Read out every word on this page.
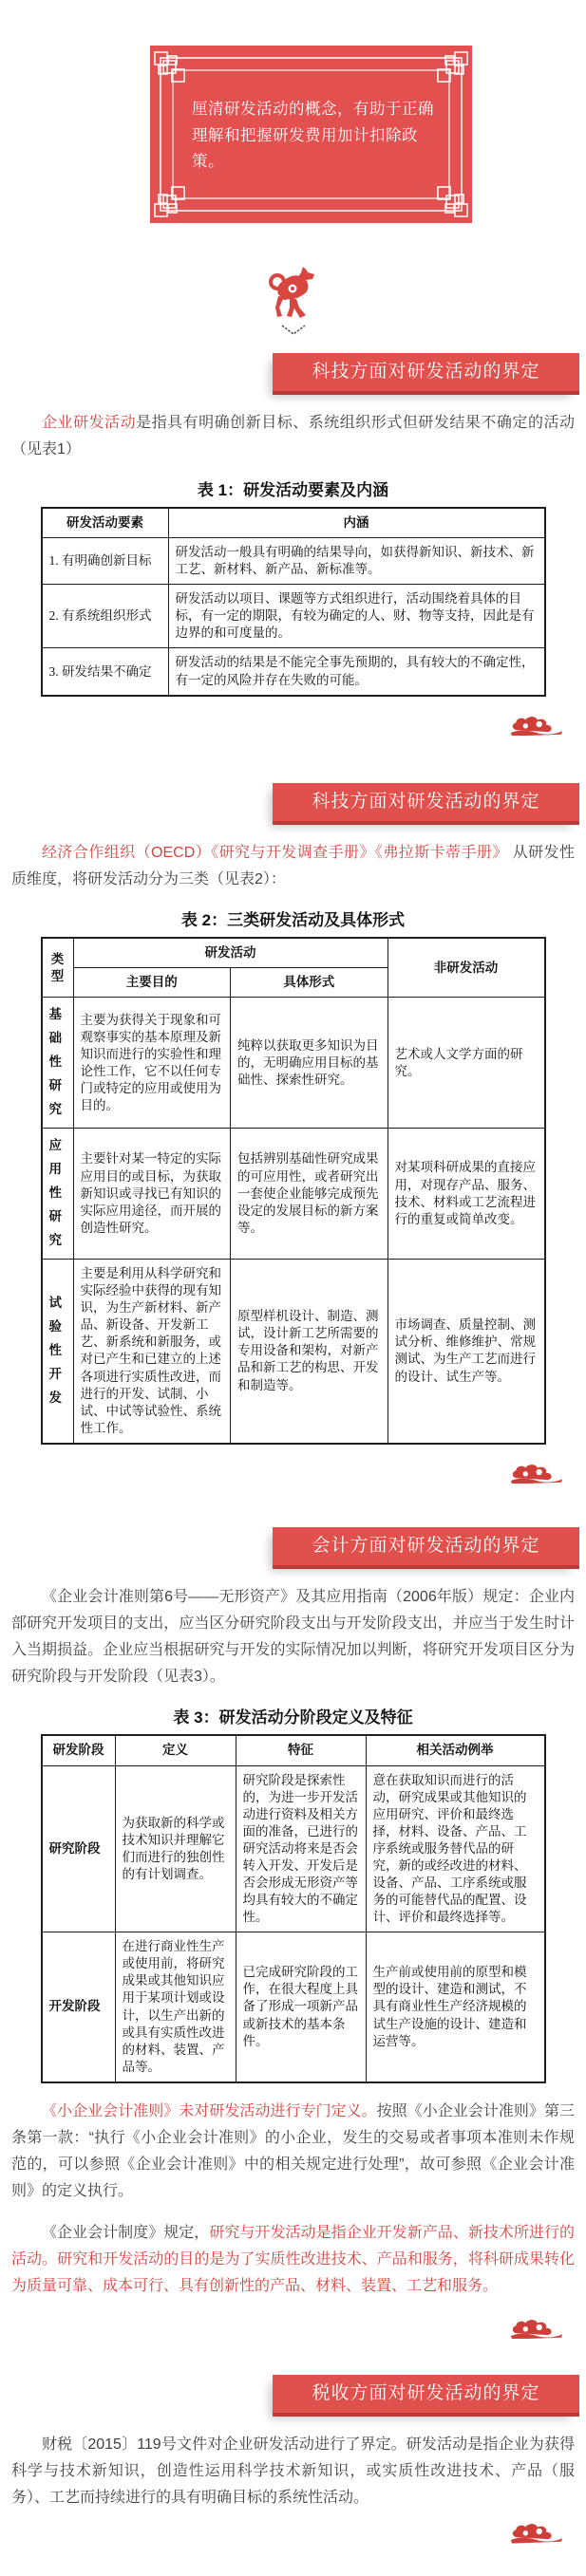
厘清研发活动的概念，有助于正确理解和把握研发费用加计扣除政策。
科技方面对研发活动的界定

企业研发活动是指具有明确创新目标、系统组织形式但研发结果不确定的活动（见表1）

表 1：研发活动要素及内涵
研发活动要素	内涵
1. 有明确创新目标	研发活动一般具有明确的结果导向，如获得新知识、新技术、新工艺、新材料、新产品、新标准等。
2. 有系统组织形式	研发活动以项目、课题等方式组织进行，活动围绕着具体的目标，有一定的期限，有较为确定的人、财、物等支持，因此是有边界的和可度量的。
3. 研发结果不确定	研发活动的结果是不能完全事先预期的，具有较大的不确定性，有一定的风险并存在失败的可能。
科技方面对研发活动的界定

经济合作组织（OECD）《研究与开发调查手册》《弗拉斯卡蒂手册》 从研发性质维度，将研发活动分为三类（见表2）：

表 2：三类研发活动及具体形式
类型	研发活动		非研发活动
	主要目的	具体形式	
基础性研究	主要为获得关于现象和可观察事实的基本原理及新知识而进行的实验性和理论性工作，它不以任何专门或特定的应用或使用为目的。	纯粹以获取更多知识为目的，无明确应用目标的基础性、探索性研究。	艺术或人文学方面的研究。
应用性研究	主要针对某一特定的实际应用目的或目标，为获取新知识或寻找已有知识的实际应用途径，而开展的创造性研究。	包括辨别基础性研究成果的可应用性，或者研究出一套使企业能够完成预先设定的发展目标的新方案等。	对某项科研成果的直接应用，对现存产品、服务、技术、材料或工艺流程进行的重复或简单改变。
试验性开发	主要是利用从科学研究和实际经验中获得的现有知识，为生产新材料、新产品、新设备、开发新工艺、新系统和新服务，或对已产生和已建立的上述各项进行实质性改进，而进行的开发、试制、小试、中试等试验性、系统性工作。	原型样机设计、制造、测试，设计新工艺所需要的专用设备和架构，对新产品和新工艺的构思、开发和制造等。	市场调查、质量控制、测试分析、维修维护、常规测试、为生产工艺而进行的设计、试生产等。
会计方面对研发活动的界定

《企业会计准则第6号——无形资产》及其应用指南（2006年版）规定：企业内部研究开发项目的支出，应当区分研究阶段支出与开发阶段支出，并应当于发生时计入当期损益。企业应当根据研究与开发的实际情况加以判断，将研究开发项目区分为研究阶段与开发阶段（见表3）。

表 3：研发活动分阶段定义及特征
研发阶段	定义	特征	相关活动例举
研究阶段	为获取新的科学或技术知识并理解它们而进行的独创性的有计划调查。	研究阶段是探索性的，为进一步开发活动进行资料及相关方面的准备，已进行的研究活动将来是否会转入开发、开发后是否会形成无形资产等均具有较大的不确定性。	意在获取知识而进行的活动，研究成果或其他知识的应用研究、评价和最终选择，材料、设备、产品、工序系统或服务替代品的研究，新的或经改进的材料、设备、产品、工序系统或服务的可能替代品的配置、设计、评价和最终选择等。
开发阶段	在进行商业性生产或使用前，将研究成果或其他知识应用于某项计划或设计，以生产出新的或具有实质性改进的材料、装置、产品等。	已完成研究阶段的工作，在很大程度上具备了形成一项新产品或新技术的基本条件。	生产前或使用前的原型和模型的设计、建造和测试，不具有商业性生产经济规模的试生产设施的设计、建造和运营等。

《小企业会计准则》未对研发活动进行专门定义。按照《小企业会计准则》第三条第一款：“执行《小企业会计准则》的小企业，发生的交易或者事项本准则未作规范的，可以参照《企业会计准则》中的相关规定进行处理”，故可参照《企业会计准则》的定义执行。

《企业会计制度》规定，研究与开发活动是指企业开发新产品、新技术所进行的活动。研究和开发活动的目的是为了实质性改进技术、产品和服务，将科研成果转化为质量可靠、成本可行、具有创新性的产品、材料、装置、工艺和服务。

税收方面对研发活动的界定

财税〔2015〕119号文件对企业研发活动进行了界定。研发活动是指企业为获得科学与技术新知识，创造性运用科学技术新知识，或实质性改进技术、产品（服务）、工艺而持续进行的具有明确目标的系统性活动。
